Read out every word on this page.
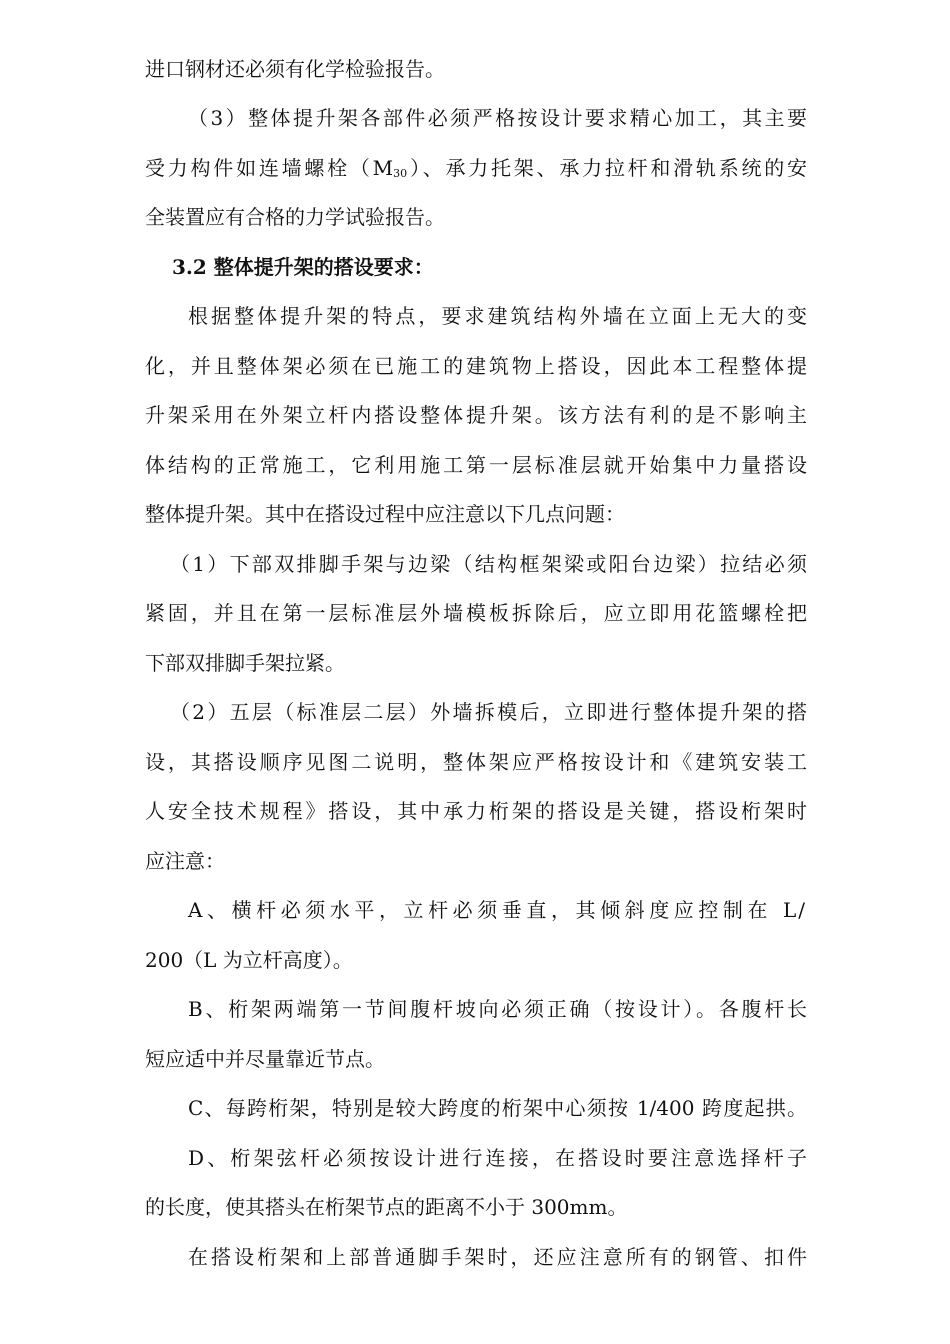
进口钢材还必须有化学检验报告。
（3）整体提升架各部件必须严格按设计要求精心加工，其主要
受力构件如连墙螺栓$(M_{30})$、承力托架、承力拉杆和滑轨系统的安
全装置应有合格的力学试验报告。
3.2 整体提升架的搭设要求：
根据整体提升架的特点，要求建筑结构外墙在立面上无大的变
化，并且整体架必须在已施工的建筑物上搭设，因此本工程整体提
升架采用在外架立杆内搭设整体提升架。该方法有利的是不影响主
体结构的正常施工，它利用施工第一层标准层就开始集中力量搭设
整体提升架。其中在搭设过程中应注意以下几点问题：
（1）下部双排脚手架与边梁（结构框架梁或阳台边梁）拉结必须
紧固，并且在第一层标准层外墙模板拆除后，应立即用花篮螺栓把
下部双排脚手架拉紧。
（2）五层（标准层二层）外墙拆模后，立即进行整体提升架的搭
设，其搭设顺序见图二说明，整体架应严格按设计和《建筑安装工
人安全技术规程》搭设，其中承力桁架的搭设是关键，搭设桁架时
应注意：
A、横杆必须水平，立杆必须垂直，其倾斜度应控制在 L/
200（L 为立杆高度）。
B、桁架两端第一节间腹杆坡向必须正确（按设计）。各腹杆长
短应适中并尽量靠近节点。
C、每跨桁架，特别是较大跨度的桁架中心须按 1/400 跨度起拱。
D、桁架弦杆必须按设计进行连接，在搭设时要注意选择杆子
的长度，使其搭头在桁架节点的距离不小于 300mm。
在搭设桁架和上部普通脚手架时，还应注意所有的钢管、扣件
